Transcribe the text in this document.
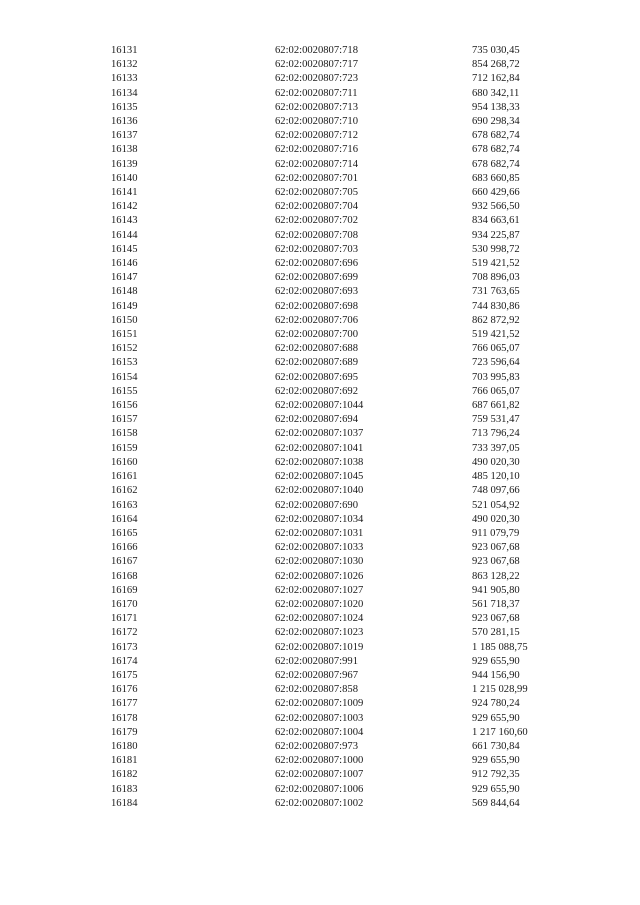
16131	62:02:0020807:718	735 030,45
16132	62:02:0020807:717	854 268,72
16133	62:02:0020807:723	712 162,84
16134	62:02:0020807:711	680 342,11
16135	62:02:0020807:713	954 138,33
16136	62:02:0020807:710	690 298,34
16137	62:02:0020807:712	678 682,74
16138	62:02:0020807:716	678 682,74
16139	62:02:0020807:714	678 682,74
16140	62:02:0020807:701	683 660,85
16141	62:02:0020807:705	660 429,66
16142	62:02:0020807:704	932 566,50
16143	62:02:0020807:702	834 663,61
16144	62:02:0020807:708	934 225,87
16145	62:02:0020807:703	530 998,72
16146	62:02:0020807:696	519 421,52
16147	62:02:0020807:699	708 896,03
16148	62:02:0020807:693	731 763,65
16149	62:02:0020807:698	744 830,86
16150	62:02:0020807:706	862 872,92
16151	62:02:0020807:700	519 421,52
16152	62:02:0020807:688	766 065,07
16153	62:02:0020807:689	723 596,64
16154	62:02:0020807:695	703 995,83
16155	62:02:0020807:692	766 065,07
16156	62:02:0020807:1044	687 661,82
16157	62:02:0020807:694	759 531,47
16158	62:02:0020807:1037	713 796,24
16159	62:02:0020807:1041	733 397,05
16160	62:02:0020807:1038	490 020,30
16161	62:02:0020807:1045	485 120,10
16162	62:02:0020807:1040	748 097,66
16163	62:02:0020807:690	521 054,92
16164	62:02:0020807:1034	490 020,30
16165	62:02:0020807:1031	911 079,79
16166	62:02:0020807:1033	923 067,68
16167	62:02:0020807:1030	923 067,68
16168	62:02:0020807:1026	863 128,22
16169	62:02:0020807:1027	941 905,80
16170	62:02:0020807:1020	561 718,37
16171	62:02:0020807:1024	923 067,68
16172	62:02:0020807:1023	570 281,15
16173	62:02:0020807:1019	1 185 088,75
16174	62:02:0020807:991	929 655,90
16175	62:02:0020807:967	944 156,90
16176	62:02:0020807:858	1 215 028,99
16177	62:02:0020807:1009	924 780,24
16178	62:02:0020807:1003	929 655,90
16179	62:02:0020807:1004	1 217 160,60
16180	62:02:0020807:973	661 730,84
16181	62:02:0020807:1000	929 655,90
16182	62:02:0020807:1007	912 792,35
16183	62:02:0020807:1006	929 655,90
16184	62:02:0020807:1002	569 844,64
